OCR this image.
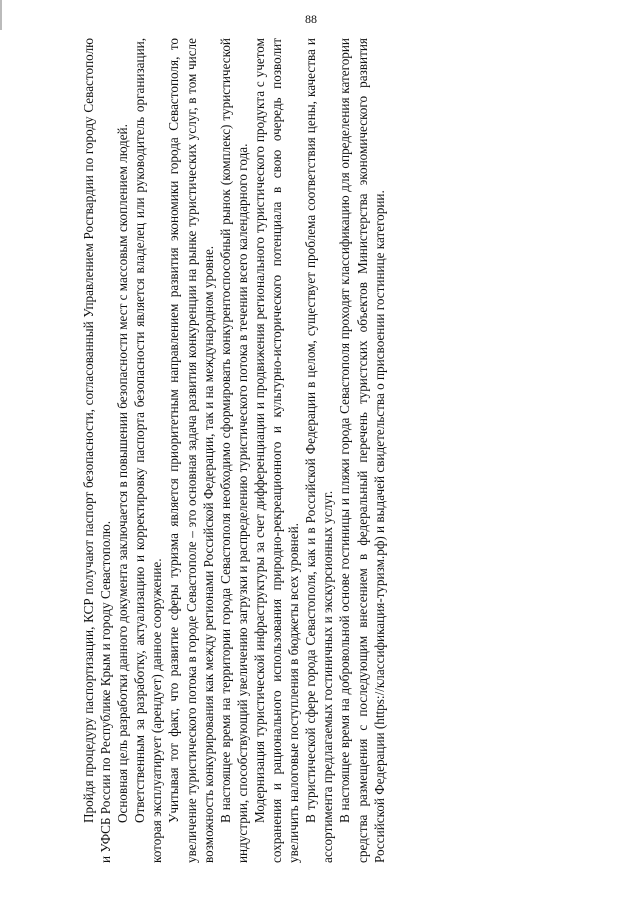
88

Пройдя процедуру паспортизации, КСР получают паспорт безопасности, согласованный Управлением Росгвардии по городу Севастополю и УФСБ России по Республике Крым и городу Севастополю. Основная цель разработки данного документа заключается в повышении безопасности мест с массовым скоплением людей. Ответственным за разработку, актуализацию и корректировку паспорта безопасности является владелец или руководитель организации, которая эксплуатирует (арендует) данное сооружение. Учитывая тот факт, что развитие сферы туризма является приоритетным направлением развития экономики города Севастополя, то увеличение туристического потока в городе Севастополе – это основная задача развития конкуренции на рынке туристических услуг, в том числе возможность конкурирования как между регионами Российской Федерации, так и на международном уровне. В настоящее время на территории города Севастополя необходимо сформировать конкурентоспособный рынок (комплекс) туристической индустрии, способствующий увеличению загрузки и распределению туристического потока в течении всего календарного года. Модернизация туристической инфраструктуры за счет дифференциации и продвижения регионального туристического продукта с учетом сохранения и рационального использования природно-рекреационного и культурно-исторического потенциала в свою очередь позволит увеличить налоговые поступления в бюджеты всех уровней. В туристической сфере города Севастополя, как и в Российской Федерации в целом, существует проблема соответствия цены, качества и ассортимента предлагаемых гостиничных и экскурсионных услуг. В настоящее время на добровольной основе гостиницы и пляжи города Севастополя проходят классификацию для определения категории средства размещения с последующим внесением в федеральный перечень туристских объектов Министерства экономического развития Российской Федерации (https://классификация-туризм.рф) и выдачей свидетельства о присвоении гостинице категории.
